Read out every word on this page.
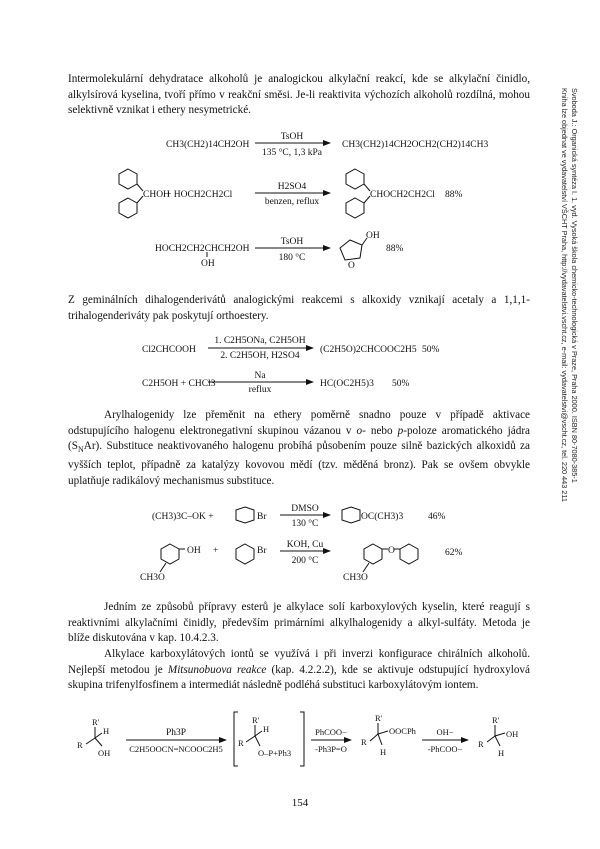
Svoboda J.: Organická syntéza I. 1. vyd. Vysoká škola chemicko-technologická v Praze, Praha 2000. ISBN 80-7080-385-1
Kniha lze objednat ve vydavatelství VŠCHT Praha, http://vydavatelstvi.vscht.cz, e-mail: vydavatelstvi@vscht.cz, tel. 220 443 211

Intermolekulární dehydratace alkoholů je analogickou alkylační reakcí, kde se alkylační činidlo, alkylsírová kyselina, tvoří přímo v reakční směsi. Je-li reaktivita výchozích alkoholů rozdílná, mohou selektivně vznikat i ethery nesymetrické.

Z geminálních dihalogenderivátů analogickými reakcemi s alkoxidy vznikají acetaly a 1,1,1-trihalogenderiváty pak poskytují orthoestery.

Arylhalogenidy lze přeměnit na ethery poměrně snadno pouze v případě aktivace odstupujícího halogenu elektronegativní skupinou vázanou v o- nebo p-poloze aromatického jádra $(S_NAr)$. Substituce neaktivovaného halogenu probíhá působením pouze silně bazických alkoxidů za vyšších teplot, případně za katalýzy kovovou mědí (tzv. měděná bronz). Pak se ovšem obvykle uplatňuje radikálový mechanismus substituce.

Jedním ze způsobů přípravy esterů je alkylace solí karboxylových kyselin, které reagují s reaktivními alkylačními činidly, především primárními alkylhalogenidy a alkyl-sulfáty. Metoda je blíže diskutována v kap. 10.4.2.3.

Alkylace karboxylátových iontů se využívá i při inverzi konfigurace chirálních alkoholů. Nejlepší metodou je Mitsunobuova reakce (kap. 4.2.2.2), kde se aktivuje odstupující hydroxylová skupina trifenylfosfinem a intermediát následně podléhá substituci karboxylátovým iontem.

CH3(CH2)14CH2OH
TsOH
135 °C, 1,3 kPa
CH3(CH2)14CH2OCH2(CH2)14CH3
CHOH
+ HOCH2CH2Cl
H2SO4
benzen, reflux
CHOCH2CH2Cl 88%
HOCH2CH2CHCH2OH
OH
TsOH
180 °C
OH
O
88%
Cl2CHCOOH
1. C2H5ONa, C2H5OH
2. C2H5OH, H2SO4
(C2H5O)2CHCOOC2H5 50%
C2H5OH + CHCl3
Na
reflux
HC(OC2H5)3 50%
(CH3)3C–OK +	Br
DMSO
130 °C
OC(CH3)3	46%
OH +	Br
CH3O
KOH, Cu
200 °C
O
CH3O
62%
R'
H
R
OH
Ph3P
C2H5OOCN=NCOOC2H5
R'
H
R
O–P+Ph3
PhCOO−
-Ph3P=O
R'
OOCPh
R
H
OH−
-PhCOO−
R'
OH
R
H
154
